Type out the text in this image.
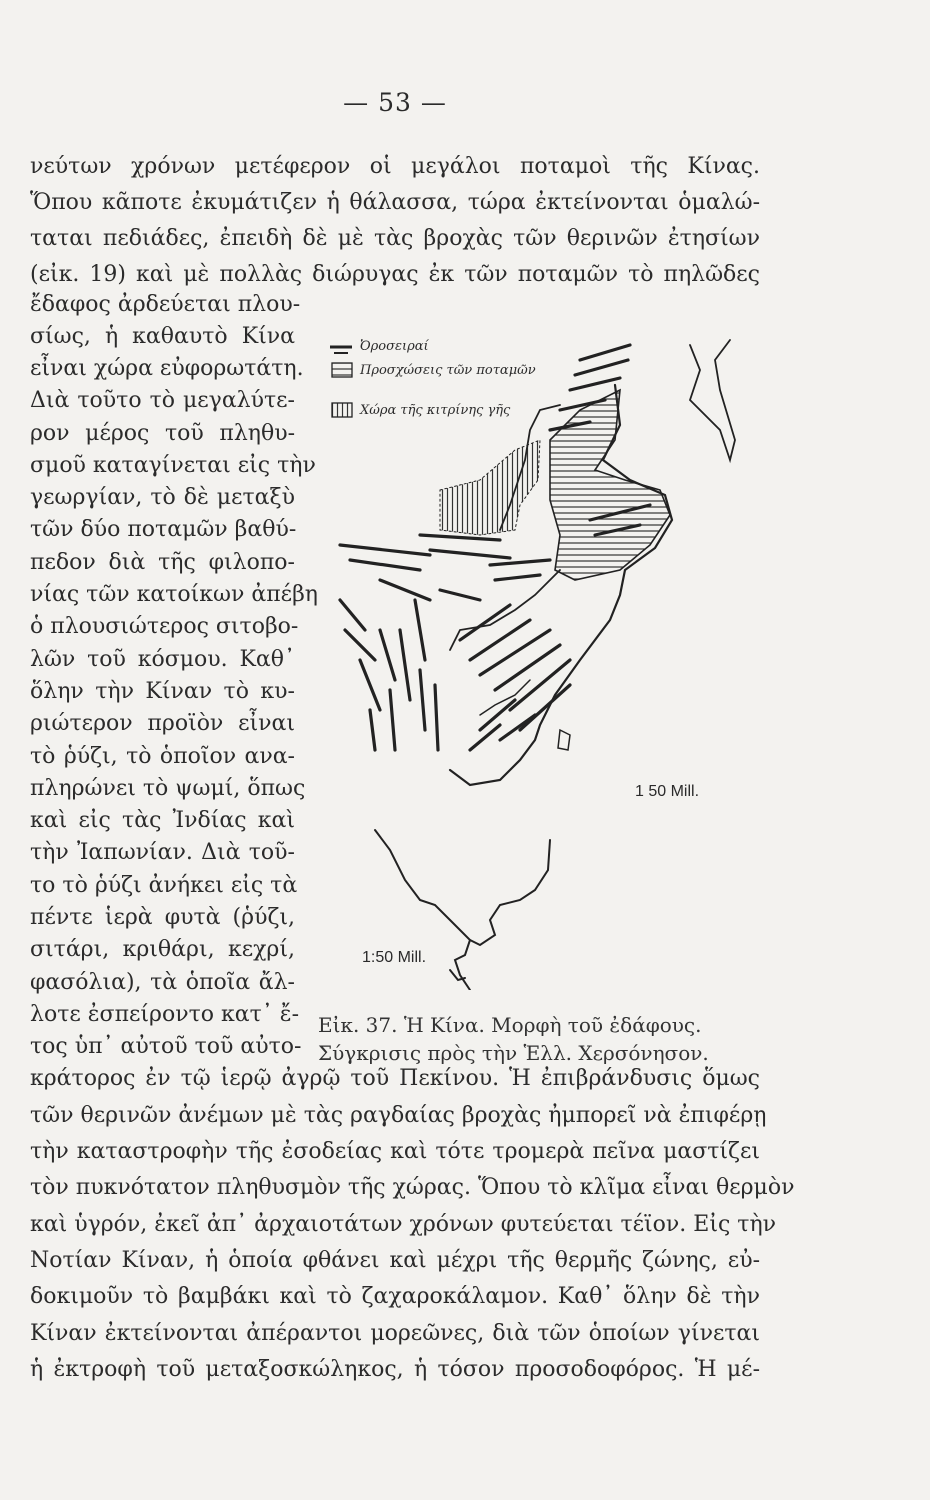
— 53 —
νεύτων χρόνων μετέφερον οἱ μεγάλοι ποταμοὶ τῆς Κίνας.
Ὅπου κᾶποτε ἐκυμάτιζεν ἡ θάλασσα, τώρα ἐκτείνονται ὁμαλώ-
ταται πεδιάδες, ἐπειδὴ δὲ μὲ τὰς βροχὰς τῶν θερινῶν ἐτησίων
(εἰκ. 19) καὶ μὲ πολλὰς διώρυγας ἐκ τῶν ποταμῶν τὸ πηλῶδες
ἔδαφος ἀρδεύεται πλου-
σίως, ἡ καθαυτὸ Κίνα
εἶναι χώρα εὐφορωτάτη.
Διὰ τοῦτο τὸ μεγαλύτε-
ρον μέρος τοῦ πληθυ-
σμοῦ καταγίνεται εἰς τὴν
γεωργίαν, τὸ δὲ μεταξὺ
τῶν δύο ποταμῶν βαθύ-
πεδον διὰ τῆς φιλοπο-
νίας τῶν κατοίκων ἀπέβη
ὁ πλουσιώτερος σιτοβο-
λῶν τοῦ κόσμου. Καθ᾽
ὅλην τὴν Κίναν τὸ κυ-
ριώτερον προϊὸν εἶναι
τὸ ῥύζι, τὸ ὁποῖον ανα-
πληρώνει τὸ ψωμί, ὅπως
καὶ εἰς τὰς Ἰνδίας καὶ
τὴν Ἰαπωνίαν. Διὰ τοῦ-
το τὸ ῥύζι ἀνήκει εἰς τὰ
πέντε ἱερὰ φυτὰ (ῥύζι,
σιτάρι, κριθάρι, κεχρί,
φασόλια), τὰ ὁποῖα ἄλ-
λοτε ἐσπείροντο κατ᾽ ἔ-
τος ὑπ᾽ αὐτοῦ τοῦ αὐτο-
κράτορος ἐν τῷ ἱερῷ ἀγρῷ τοῦ Πεκίνου. Ἡ ἐπιβράνδυσις ὅμως
τῶν θερινῶν ἀνέμων μὲ τὰς ραγδαίας βροχὰς ἠμπορεῖ νὰ ἐπιφέρῃ
τὴν καταστροφὴν τῆς ἐσοδείας καὶ τότε τρομερὰ πεῖνα μαστίζει
τὸν πυκνότατον πληθυσμὸν τῆς χώρας. Ὅπου τὸ κλῖμα εἶναι θερμὸν
καὶ ὑγρόν, ἐκεῖ ἀπ᾽ ἀρχαιοτάτων χρόνων φυτεύεται τέϊον. Εἰς τὴν
Νοτίαν Κίναν, ἡ ὁποία φθάνει καὶ μέχρι τῆς θερμῆς ζώνης, εὐ-
δοκιμοῦν τὸ βαμβάκι καὶ τὸ ζαχαροκάλαμον. Καθ᾽ ὅλην δὲ τὴν
Κίναν ἐκτείνονται ἀπέραντοι μορεῶνες, διὰ τῶν ὁποίων γίνεται
ἡ ἐκτροφὴ τοῦ μεταξοσκώληκος, ἡ τόσον προσοδοφόρος. Ἡ μέ-
Ὀροσειραί
Προσχώσεις τῶν ποταμῶν
Χώρα τῆς κιτρίνης γῆς
1 50 Mill.
1:50 Mill.
Εἰκ. 37. Ἡ Κίνα. Μορφὴ τοῦ ἐδάφους.
Σύγκρισις πρὸς τὴν Ἑλλ. Χερσόνησον.
